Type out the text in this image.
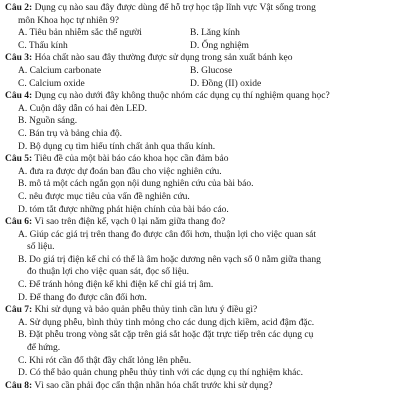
Câu 2: Dụng cụ nào sau đây được dùng để hỗ trợ học tập lĩnh vực Vật sống trong
môn Khoa học tự nhiên 9?
A. Tiêu bản nhiễm sắc thể người	B. Lăng kính
C. Thấu kính	D. Ống nghiệm
Câu 3: Hóa chất nào sau đây thường được sử dụng trong sản xuất bánh kẹo
A. Calcium carbonate	B. Glucose
C. Calcium oxide	D. Đồng (II) oxide
Câu 4: Dụng cụ nào dưới đây không thuộc nhóm các dụng cụ thí nghiệm quang học?
A. Cuộn dây dẫn có hai đèn LED.
B. Nguồn sáng.
C. Bán trụ và bảng chia độ.
D. Bộ dụng cụ tìm hiểu tính chất ảnh qua thấu kính.
Câu 5: Tiêu đề của một bài báo cáo khoa học cần đảm bảo
A. đưa ra được dự đoán ban đầu cho việc nghiên cứu.
B. mô tả một cách ngắn gọn nội dung nghiên cứu của bài báo.
C. nêu được mục tiêu của vấn đề nghiên cứu.
D. tóm tắt được những phát hiện chính của bài báo cáo.
Câu 6: Vì sao trên điện kế, vạch 0 lại nằm giữa thang đo?
A. Giúp các giá trị trên thang đo được cân đối hơn, thuận lợi cho việc quan sát
số liệu.
B. Do giá trị điện kế chỉ có thể là âm hoặc dương nên vạch số 0 nằm giữa thang
đo thuận lợi cho việc quan sát, đọc số liệu.
C. Để tránh hỏng điện kế khi điện kế chỉ giá trị âm.
D. Để thang đo được cân đối hơn.
Câu 7: Khi sử dụng và bảo quản phễu thủy tinh cần lưu ý điều gì?
A. Sử dụng phễu, bình thủy tinh mỏng cho các dung dịch kiềm, acid đậm đặc.
B. Đặt phễu trong vòng sắt cặp trên giá sắt hoặc đặt trực tiếp trên các dụng cụ
để hứng.
C. Khi rót cần đổ thật đầy chất lỏng lên phễu.
D. Có thể bảo quản chung phễu thủy tinh với các dụng cụ thí nghiệm khác.
Câu 8: Vì sao cần phải đọc cẩn thận nhãn hóa chất trước khi sử dụng?
